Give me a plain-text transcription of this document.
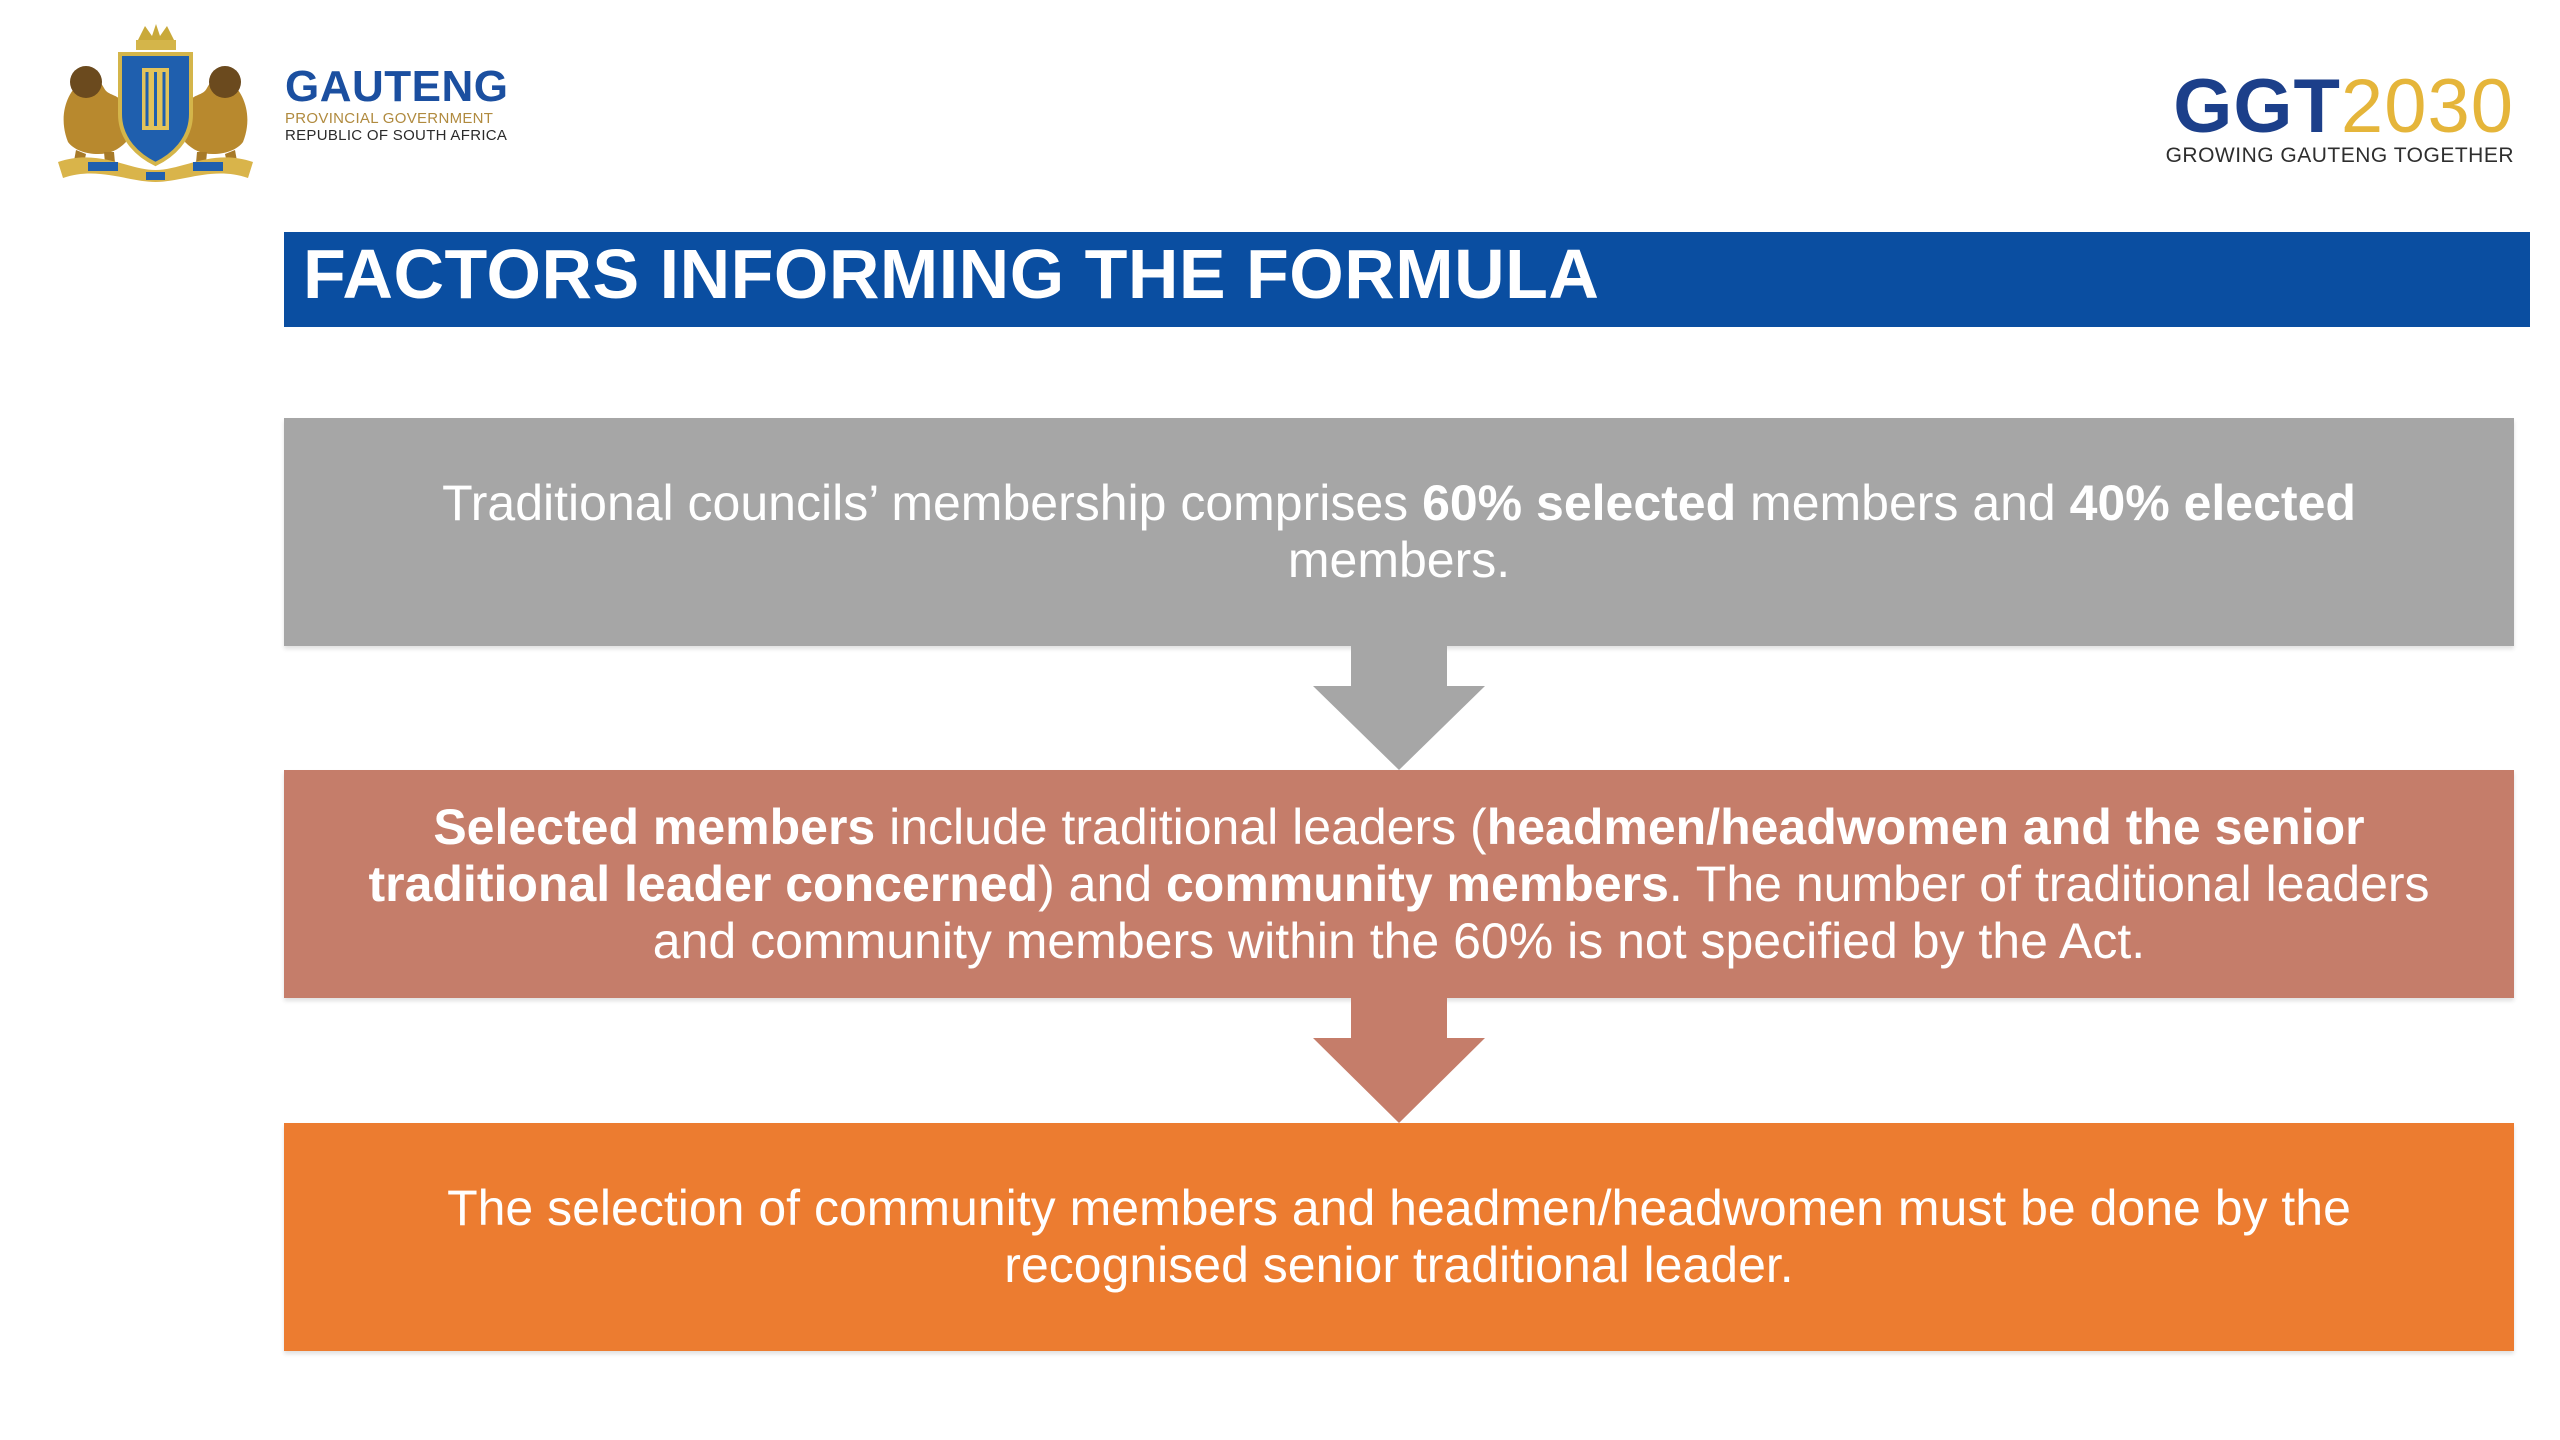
GAUTENG
PROVINCIAL GOVERNMENT
REPUBLIC OF SOUTH AFRICA	GGT2030
GROWING GAUTENG TOGETHER
FACTORS INFORMING THE FORMULA
Traditional councils’ membership comprises 60% selected members and 40% elected members.
Selected members include traditional leaders (headmen/headwomen and the senior traditional leader concerned) and community members. The number of traditional leaders and community members within the 60% is not specified by the Act.
The selection of community members and headmen/headwomen must be done by the recognised senior traditional leader.
